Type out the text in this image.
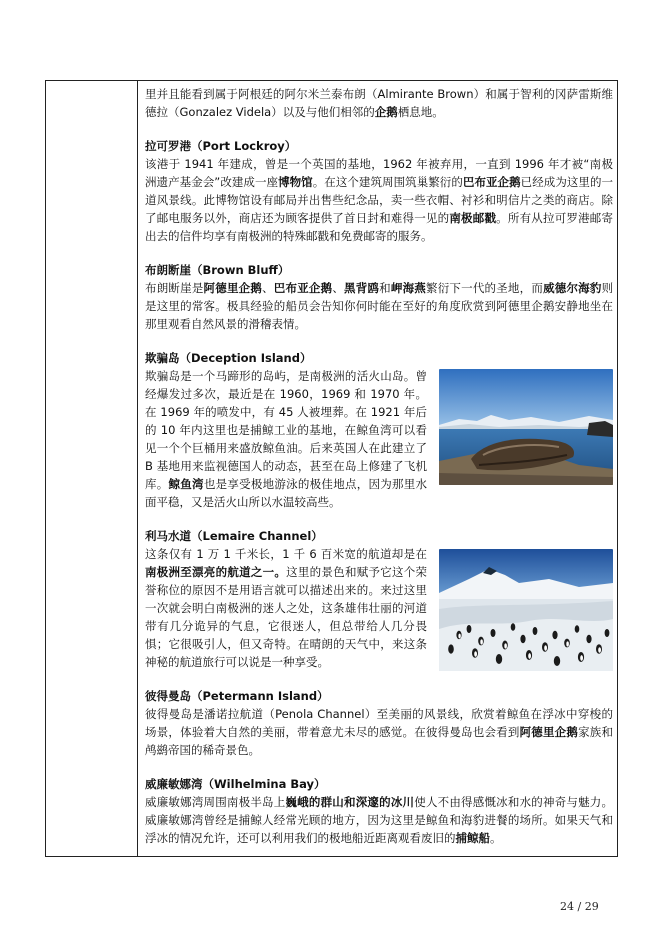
里并且能看到属于阿根廷的阿尔米兰泰布朗（Almirante Brown）和属于智利的冈萨雷斯维德拉（Gonzalez Videla）以及与他们相邻的企鹅栖息地。

拉可罗港（Port Lockroy）

该港于 1941 年建成，曾是一个英国的基地，1962 年被弃用，一直到 1996 年才被“南极洲遗产基金会”改建成一座博物馆。在这个建筑周围筑巢繁衍的巴布亚企鹅已经成为这里的一道风景线。此博物馆设有邮局并出售些纪念品，卖一些衣帽、衬衫和明信片之类的商店。除了邮电服务以外，商店还为顾客提供了首日封和难得一见的南极邮戳。所有从拉可罗港邮寄出去的信件均享有南极洲的特殊邮戳和免费邮寄的服务。

布朗断崖（Brown Bluff）

布朗断崖是阿德里企鹅、巴布亚企鹅、黑背鸥和岬海燕繁衍下一代的圣地，而威德尔海豹则是这里的常客。极具经验的船员会告知你何时能在至好的角度欣赏到阿德里企鹅安静地坐在那里观看自然风景的滑稽表情。

欺骗岛（Deception Island）

欺骗岛是一个马蹄形的岛屿，是南极洲的活火山岛。曾经爆发过多次，最近是在 1960，1969 和 1970 年。在 1969 年的喷发中，有 45 人被埋葬。在 1921 年后的 10 年内这里也是捕鲸工业的基地，在鲸鱼湾可以看见一个个巨桶用来盛放鲸鱼油。后来英国人在此建立了 B 基地用来监视德国人的动态，甚至在岛上修建了飞机库。鲸鱼湾也是享受极地游泳的极佳地点，因为那里水面平稳，又是活火山所以水温较高些。

利马水道（Lemaire Channel）

这条仅有 1 万 1 千米长，1 千 6 百米宽的航道却是在南极洲至漂亮的航道之一。这里的景色和赋予它这个荣誉称位的原因不是用语言就可以描述出来的。来过这里一次就会明白南极洲的迷人之处，这条雄伟壮丽的河道带有几分诡异的气息，它很迷人，但总带给人几分畏惧；它很吸引人，但又奇特。在晴朗的天气中，来这条神秘的航道旅行可以说是一种享受。

彼得曼岛（Petermann Island）

彼得曼岛是潘诺拉航道（Penola Channel）至美丽的风景线，欣赏着鲸鱼在浮冰中穿梭的场景，体验着大自然的美丽，带着意尤未尽的感觉。在彼得曼岛也会看到阿德里企鹅家族和鸬鹚帝国的稀奇景色。

威廉敏娜湾（Wilhelmina Bay）

威廉敏娜湾周围南极半岛上巍峨的群山和深邃的冰川使人不由得感慨冰和水的神奇与魅力。威廉敏娜湾曾经是捕鲸人经常光顾的地方，因为这里是鲸鱼和海豹进餐的场所。如果天气和浮冰的情况允许，还可以利用我们的极地船近距离观看废旧的捕鲸船。

24 / 29
